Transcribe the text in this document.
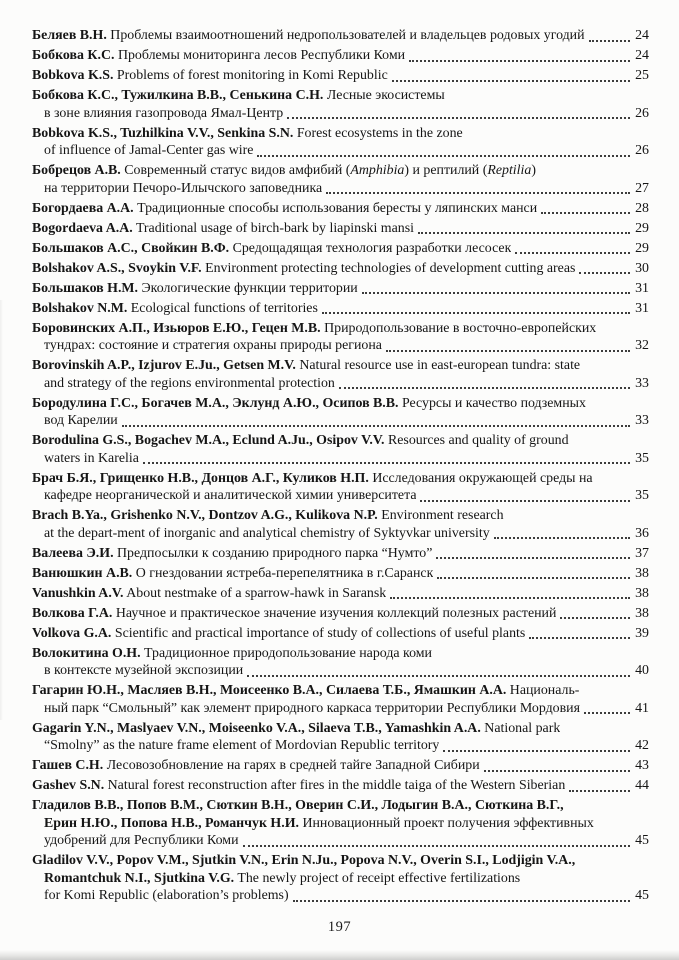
Беляев В.Н. Проблемы взаимоотношений недропользователей и владельцев родовых угодий	24
Бобкова К.С. Проблемы мониторинга лесов Республики Коми	24
Bobkova K.S. Problems of forest monitoring in Komi Republic	25
Бобкова К.С., Тужилкина В.В., Сенькина С.Н. Лесные экосистемы
в зоне влияния газопровода Ямал-Центр	26
Bobkova K.S., Tuzhilkina V.V., Senkina S.N. Forest ecosystems in the zone
of influence of Jamal-Center gas wire	26
Бобрецов А.В. Современный статус видов амфибий (Amphibia) и рептилий (Reptilia)
на территории Печоро-Илычского заповедника	27
Богордаева А.А. Традиционные способы использования бересты у ляпинских манси	28
Bogordaeva A.A. Traditional usage of birch-bark by liapinski mansi	29
Большаков А.С., Свойкин В.Ф. Средощадящая технология разработки лесосек	29
Bolshakov A.S., Svoykin V.F. Environment protecting technologies of development cutting areas	30
Большаков Н.М. Экологические функции территории	31
Bolshakov N.M. Ecological functions of territories	31
Боровинских А.П., Изьюров Е.Ю., Гецен М.В. Природопользование в восточно-европейских
тундрах: состояние и стратегия охраны природы региона	32
Borovinskih A.P., Izjurov E.Ju., Getsen M.V. Natural resource use in east-european tundra: state
and strategy of the regions environmental protection	33
Бородулина Г.С., Богачев М.А., Эклунд А.Ю., Осипов В.В. Ресурсы и качество подземных
вод Карелии	33
Borodulina G.S., Bogachev M.A., Eclund A.Ju., Osipov V.V. Resources and quality of ground
waters in Karelia	35
Брач Б.Я., Грищенко Н.В., Донцов А.Г., Куликов Н.П. Исследования окружающей среды на
кафедре неорганической и аналитической химии университета	35
Brach B.Ya., Grishenko N.V., Dontzov A.G., Kulikova N.P. Environment research
at the depart-ment of inorganic and analytical chemistry of Syktyvkar university	36
Валеева Э.И. Предпосылки к созданию природного парка “Нумто”	37
Ванюшкин А.В. О гнездовании ястреба-перепелятника в г.Саранск	38
Vanushkin A.V. About nestmake of a sparrow-hawk in Saransk	38
Волкова Г.А. Научное и практическое значение изучения коллекций полезных растений	38
Volkova G.A. Scientific and practical importance of study of collections of useful plants	39
Волокитина О.Н. Традиционное природопользование народа коми
в контексте музейной экспозиции	40
Гагарин Ю.Н., Масляев В.Н., Моисеенко В.А., Силаева Т.Б., Ямашкин А.А. Националь-
ный парк “Смольный” как элемент природного каркаса территории Республики Мордовия	41
Gagarin Y.N., Maslyaev V.N., Moiseenko V.A., Silaeva T.B., Yamashkin A.A. National park
“Smolny” as the nature frame element of Mordovian Republic territory	42
Гашев С.Н. Лесовозобновление на гарях в средней тайге Западной Сибири	43
Gashev S.N. Natural forest reconstruction after fires in the middle taiga of the Western Siberian	44
Гладилов В.В., Попов В.М., Сюткин В.Н., Оверин С.И., Лодыгин В.А., Сюткина В.Г.,
Ерин Н.Ю., Попова Н.В., Романчук Н.И. Инновационный проект получения эффективных
удобрений для Республики Коми	45
Gladilov V.V., Popov V.M., Sjutkin V.N., Erin N.Ju., Popova N.V., Overin S.I., Lodjigin V.A.,
Romantchuk N.I., Sjutkina V.G. The newly project of receipt effective fertilizations
for Komi Republic (elaboration’s problems)	45
197
